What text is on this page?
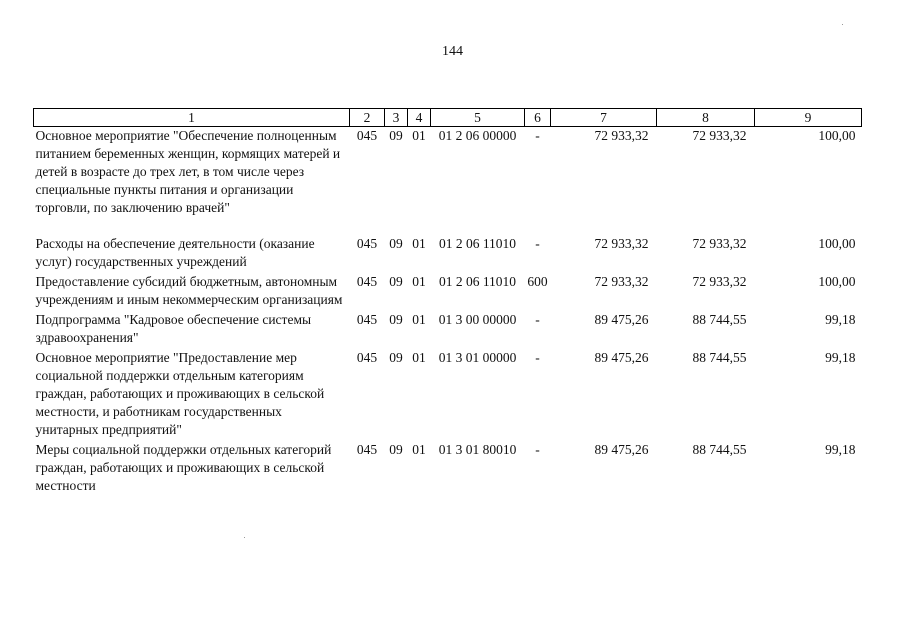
144
1	2	3	4	5	6	7	8	9
Основное мероприятие "Обеспечение полноценным питанием беременных женщин, кормящих матерей и детей в возрасте до трех лет, в том числе через специальные пункты питания и организации торговли, по заключению врачей"	045	09	01	01 2 06 00000	-	72 933,32	72 933,32	100,00
Расходы на обеспечение деятельности (оказание услуг) государственных учреждений	045	09	01	01 2 06 11010	-	72 933,32	72 933,32	100,00
Предоставление субсидий бюджетным, автономным учреждениям и иным некоммерческим организациям	045	09	01	01 2 06 11010	600	72 933,32	72 933,32	100,00
Подпрограмма "Кадровое обеспечение системы здравоохранения"	045	09	01	01 3 00 00000	-	89 475,26	88 744,55	99,18
Основное мероприятие "Предоставление мер социальной поддержки отдельным категориям граждан, работающих и проживающих в сельской местности, и работникам государственных унитарных предприятий"	045	09	01	01 3 01 00000	-	89 475,26	88 744,55	99,18
Меры социальной поддержки отдельных категорий граждан, работающих и проживающих в сельской местности	045	09	01	01 3 01 80010	-	89 475,26	88 744,55	99,18
